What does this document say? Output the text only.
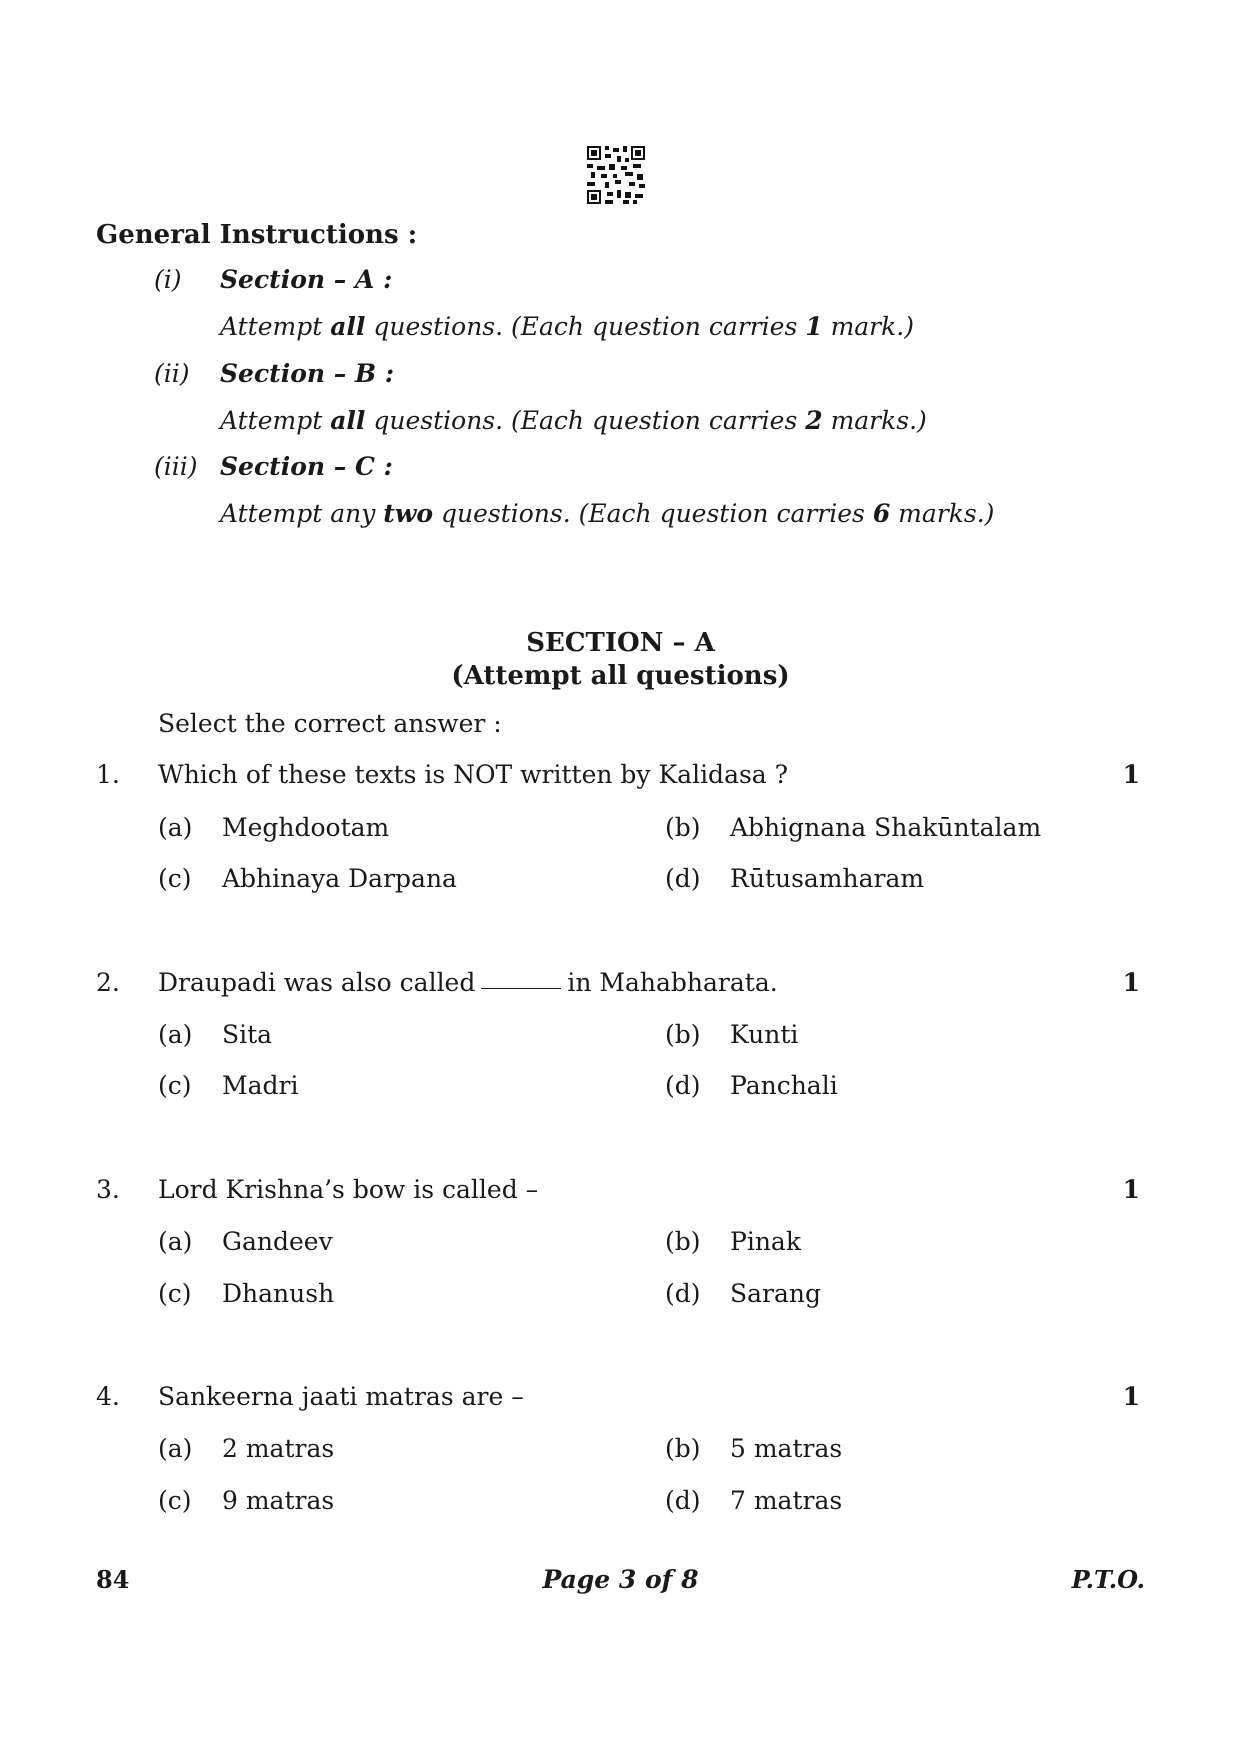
General Instructions :
(i) Section – A :
Attempt all questions. (Each question carries 1 mark.)
(ii) Section – B :
Attempt all questions. (Each question carries 2 marks.)
(iii) Section – C :
Attempt any two questions. (Each question carries 6 marks.)
SECTION – A
(Attempt all questions)
Select the correct answer :
1. Which of these texts is NOT written by Kalidasa ?	1
(a) Meghdootam	(b) Abhignana Shakūntalam
(c) Abhinaya Darpana	(d) Rūtusamharam
2. Draupadi was also called	in Mahabharata.	1
(a) Sita	(b) Kunti
(c) Madri	(d) Panchali
3. Lord Krishna’s bow is called –	1
(a) Gandeev	(b) Pinak
(c) Dhanush	(d) Sarang
4. Sankeerna jaati matras are –	1
(a) 2 matras	(b) 5 matras
(c) 9 matras	(d) 7 matras
84	Page 3 of 8	P.T.O.
